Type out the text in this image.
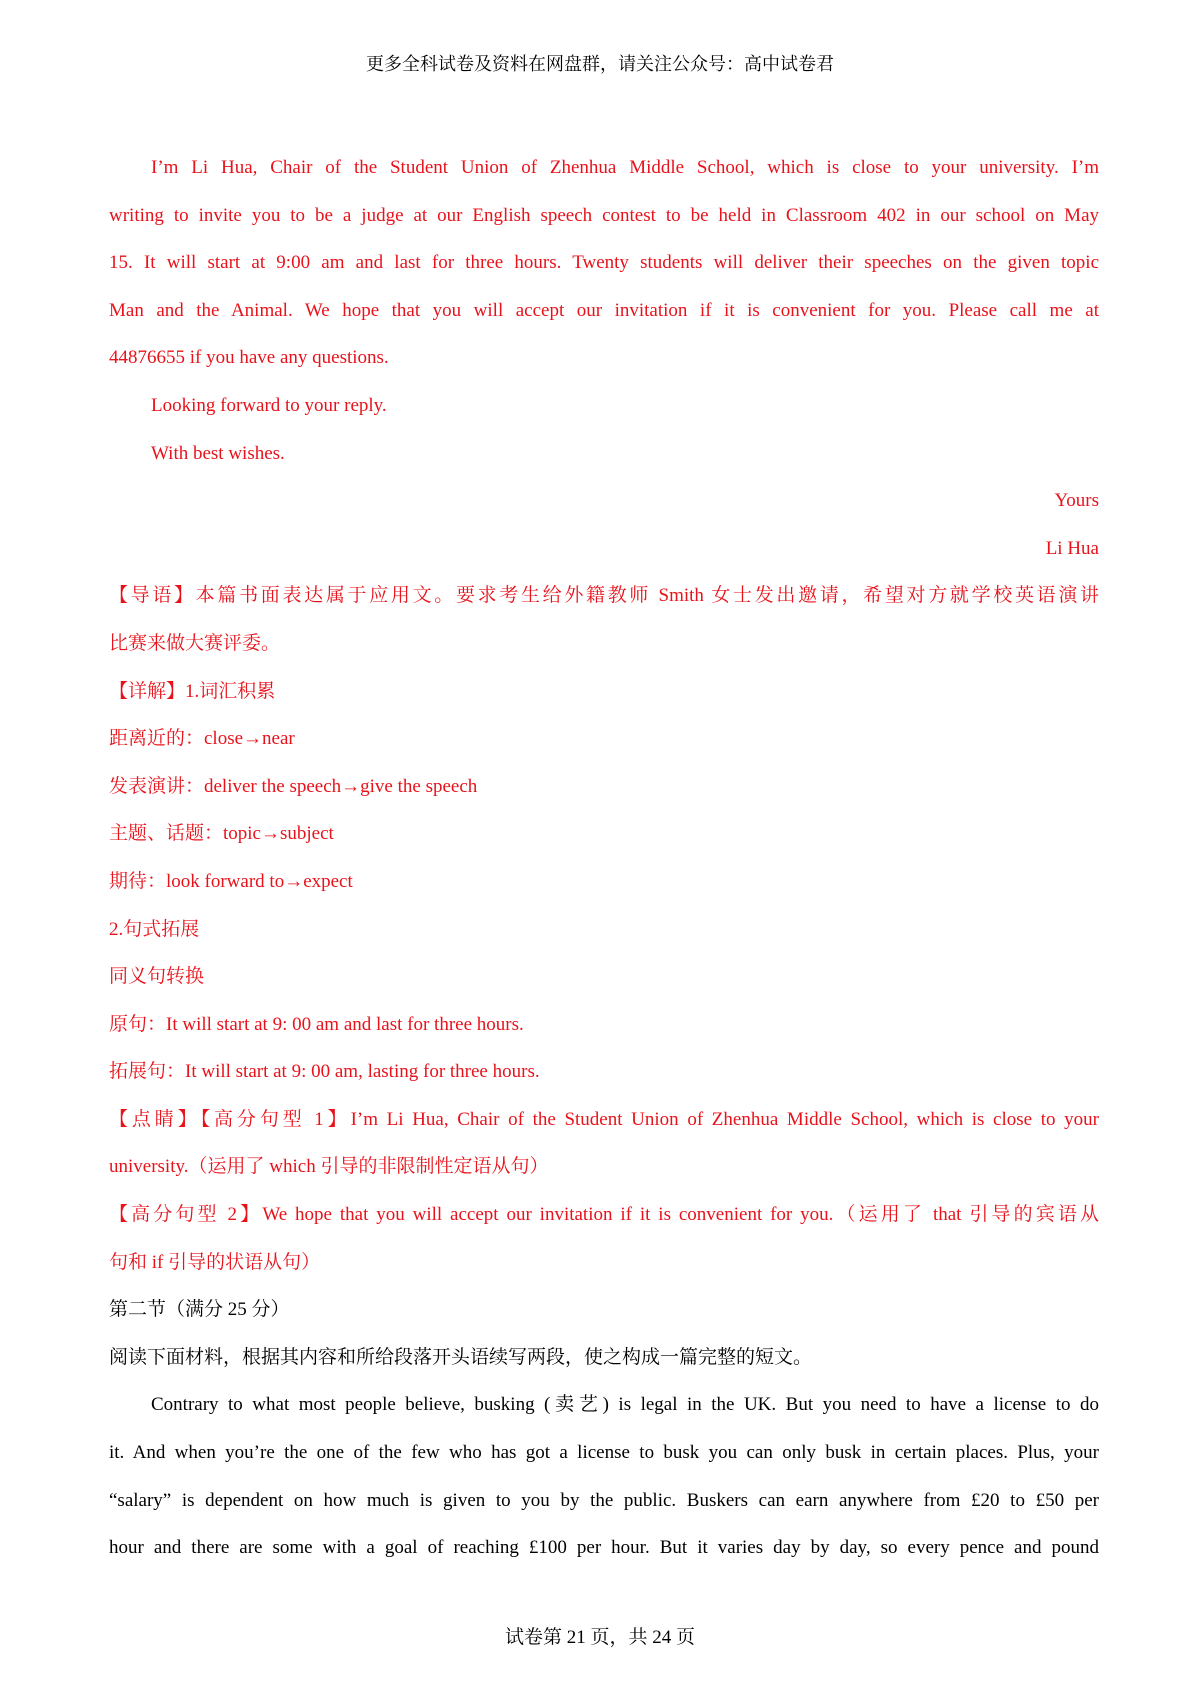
更多全科试卷及资料在网盘群，请关注公众号：高中试卷君
I’m Li Hua, Chair of the Student Union of Zhenhua Middle School, which is close to your university. I’m
writing to invite you to be a judge at our English speech contest to be held in Classroom 402 in our school on May
15. It will start at 9:00 am and last for three hours. Twenty students will deliver their speeches on the given topic
Man and the Animal. We hope that you will accept our invitation if it is convenient for you. Please call me at
44876655 if you have any questions.
Looking forward to your reply.
With best wishes.
Yours
Li Hua
【导语】本篇书面表达属于应用文。要求考生给外籍教师 Smith 女士发出邀请，希望对方就学校英语演讲
比赛来做大赛评委。
【详解】1.词汇积累
距离近的：close→near
发表演讲：deliver the speech→give the speech
主题、话题：topic→subject
期待：look forward to→expect
2.句式拓展
同义句转换
原句：It will start at 9: 00 am and last for three hours.
拓展句：It will start at 9: 00 am, lasting for three hours.
【点睛】【高分句型 1】I’m Li Hua, Chair of the Student Union of Zhenhua Middle School, which is close to your
university.（运用了 which 引导的非限制性定语从句）
【高分句型 2】We hope that you will accept our invitation if it is convenient for you.（运用了 that 引导的宾语从
句和 if 引导的状语从句）
第二节（满分 25 分）
阅读下面材料，根据其内容和所给段落开头语续写两段，使之构成一篇完整的短文。
Contrary to what most people believe, busking (卖艺) is legal in the UK. But you need to have a license to do
it. And when you’re the one of the few who has got a license to busk you can only busk in certain places. Plus, your
“salary” is dependent on how much is given to you by the public. Buskers can earn anywhere from £20 to £50 per
hour and there are some with a goal of reaching £100 per hour. But it varies day by day, so every pence and pound
试卷第 21 页，共 24 页
